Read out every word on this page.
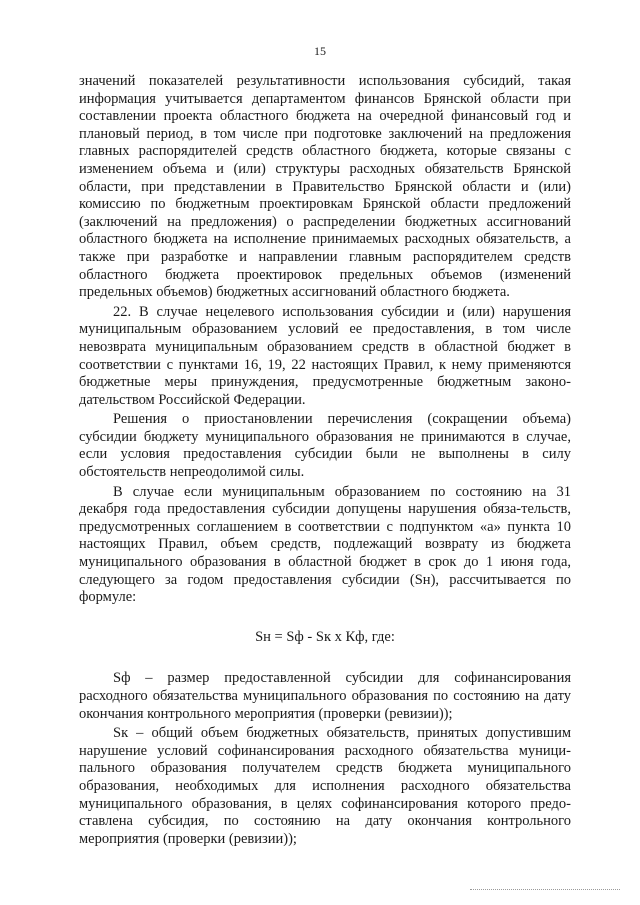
15

значений показателей результативности использования субсидий, такая информация учитывается департаментом финансов Брянской области при составлении проекта областного бюджета на очередной финансовый год и плановый период, в том числе при подготовке заключений на предложения главных распорядителей средств областного бюджета, которые связаны с изменением объема и (или) структуры расходных обязательств Брянской области, при представлении в Правительство Брянской области и (или) комиссию по бюджетным проектировкам Брянской области предложений (заключений на предложения) о распределении бюджетных ассигнований областного бюджета на исполнение принимаемых расходных обязательств, а также при разработке и направлении главным распорядителем средств областного бюджета проектировок предельных объемов (изменений предельных объемов) бюджетных ассигнований областного бюджета.

22. В случае нецелевого использования субсидии и (или) нарушения муниципальным образованием условий ее предоставления, в том числе невозврата муниципальным образованием средств в областной бюджет в соответствии с пунктами 16, 19, 22 настоящих Правил, к нему применяются бюджетные меры принуждения, предусмотренные бюджетным законо-дательством Российской Федерации.

Решения о приостановлении перечисления (сокращении объема) субсидии бюджету муниципального образования не принимаются в случае, если условия предоставления субсидии были не выполнены в силу обстоятельств непреодолимой силы.

В случае если муниципальным образованием по состоянию на 31 декабря года предоставления субсидии допущены нарушения обяза-тельств, предусмотренных соглашением в соответствии с подпунктом «а» пункта 10 настоящих Правил, объем средств, подлежащий возврату из бюджета муниципального образования в областной бюджет в срок до 1 июня года, следующего за годом предоставления субсидии (Sн), рассчитывается по формуле:

Sн = Sф - Sк х Кф, где:

Sф – размер предоставленной субсидии для софинансирования расходного обязательства муниципального образования по состоянию на дату окончания контрольного мероприятия (проверки (ревизии));

Sк – общий объем бюджетных обязательств, принятых допустившим нарушение условий софинансирования расходного обязательства муници-пального образования получателем средств бюджета муниципального образования, необходимых для исполнения расходного обязательства муниципального образования, в целях софинансирования которого предо-ставлена субсидия, по состоянию на дату окончания контрольного мероприятия (проверки (ревизии));
